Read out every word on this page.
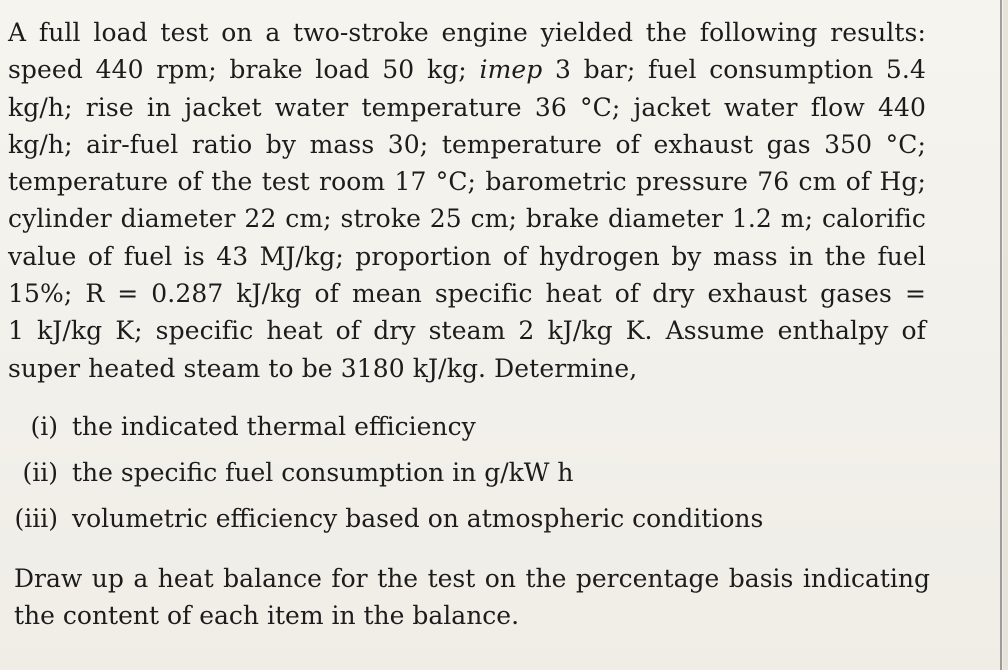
A full load test on a two-stroke engine yielded the following results:
speed 440 rpm; brake load 50 kg; imep 3 bar; fuel consumption 5.4
kg/h; rise in jacket water temperature 36 °C; jacket water flow 440
kg/h; air-fuel ratio by mass 30; temperature of exhaust gas 350 °C;
temperature of the test room 17 °C; barometric pressure 76 cm of Hg;
cylinder diameter 22 cm; stroke 25 cm; brake diameter 1.2 m; calorific
value of fuel is 43 MJ/kg; proportion of hydrogen by mass in the fuel
15%; R = 0.287 kJ/kg of mean specific heat of dry exhaust gases =
1 kJ/kg K; specific heat of dry steam 2 kJ/kg K. Assume enthalpy of
super heated steam to be 3180 kJ/kg. Determine,
(i) the indicated thermal efficiency
(ii) the specific fuel consumption in g/kW h
(iii) volumetric efficiency based on atmospheric conditions
Draw up a heat balance for the test on the percentage basis indicating
the content of each item in the balance.
